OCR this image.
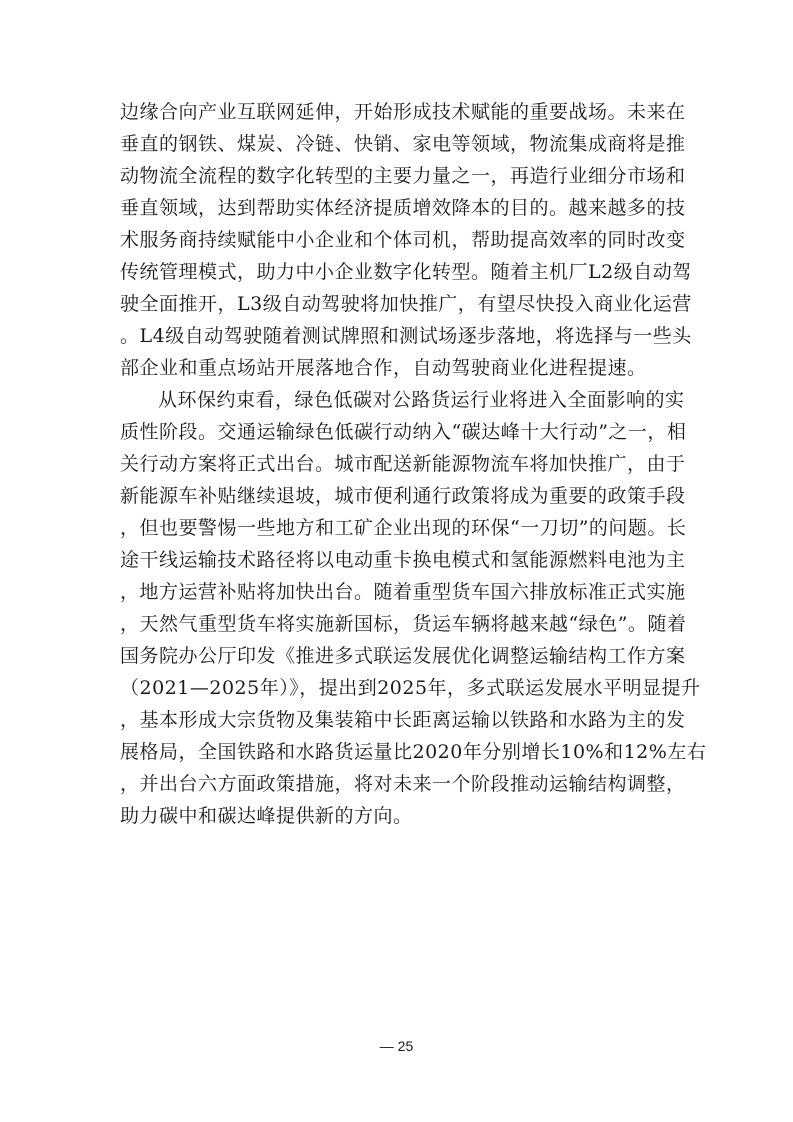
边缘合向产业互联网延伸，开始形成技术赋能的重要战场。未来在
垂直的钢铁、煤炭、冷链、快销、家电等领域，物流集成商将是推
动物流全流程的数字化转型的主要力量之一，再造行业细分市场和
垂直领域，达到帮助实体经济提质增效降本的目的。越来越多的技
术服务商持续赋能中小企业和个体司机，帮助提高效率的同时改变
传统管理模式，助力中小企业数字化转型。随着主机厂L2级自动驾
驶全面推开，L3级自动驾驶将加快推广，有望尽快投入商业化运营
。L4级自动驾驶随着测试牌照和测试场逐步落地，将选择与一些头
部企业和重点场站开展落地合作，自动驾驶商业化进程提速。
从环保约束看，绿色低碳对公路货运行业将进入全面影响的实
质性阶段。交通运输绿色低碳行动纳入“碳达峰十大行动”之一，相
关行动方案将正式出台。城市配送新能源物流车将加快推广，由于
新能源车补贴继续退坡，城市便利通行政策将成为重要的政策手段
，但也要警惕一些地方和工矿企业出现的环保“一刀切”的问题。长
途干线运输技术路径将以电动重卡换电模式和氢能源燃料电池为主
，地方运营补贴将加快出台。随着重型货车国六排放标准正式实施
，天然气重型货车将实施新国标，货运车辆将越来越“绿色”。随着
国务院办公厅印发《推进多式联运发展优化调整运输结构工作方案
（2021—2025年）》，提出到2025年，多式联运发展水平明显提升
，基本形成大宗货物及集装箱中长距离运输以铁路和水路为主的发
展格局，全国铁路和水路货运量比2020年分别增长10%和12%左右
，并出台六方面政策措施，将对未来一个阶段推动运输结构调整，
助力碳中和碳达峰提供新的方向。
— 25
